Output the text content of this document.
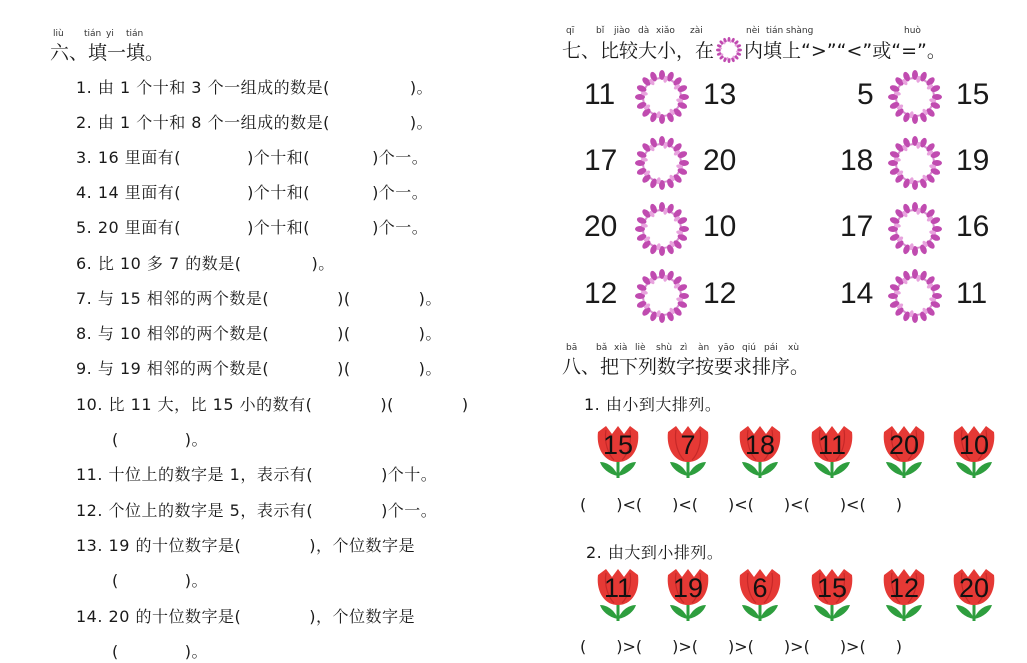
liù tián yi tián
六、填一填。
1. 由 1 个十和 3 个一组成的数是(	)。
2. 由 1 个十和 8 个一组成的数是(	)。
3. 16 里面有(	)个十和(	)个一。
4. 14 里面有(	)个十和(	)个一。
5. 20 里面有(	)个十和(	)个一。
6. 比 10 多 7 的数是(	)。
7. 与 15 相邻的两个数是(	)(	)。
8. 与 10 相邻的两个数是(	)(	)。
9. 与 19 相邻的两个数是(	)(	)。
10. 比 11 大，比 15 小的数有(	)(	)
(	)。
11. 十位上的数字是 1，表示有(	)个十。
12. 个位上的数字是 5，表示有(	)个一。
13. 19 的十位数字是(	)，个位数字是
(	)。
14. 20 的十位数字是(	)，个位数字是
(	)。
qī bǐ jiào dà xiǎo zài	nèi tián shàng	huò
七、比较大小，在 内填上“>”“<”或“=”。
11	13	5	15
17	20	18	19
20	10	17	16
12	12	14	11
bā bǎ xià liè shù zì àn yāo qiú pái xù
八、把下列数字按要求排序。
1. 由小到大排列。
15	7	18	11	20	10
( )<( )<( )<( )<( )<( )
2. 由大到小排列。
11	19	6	15	12	20
( )>( )>( )>( )>( )>( )
